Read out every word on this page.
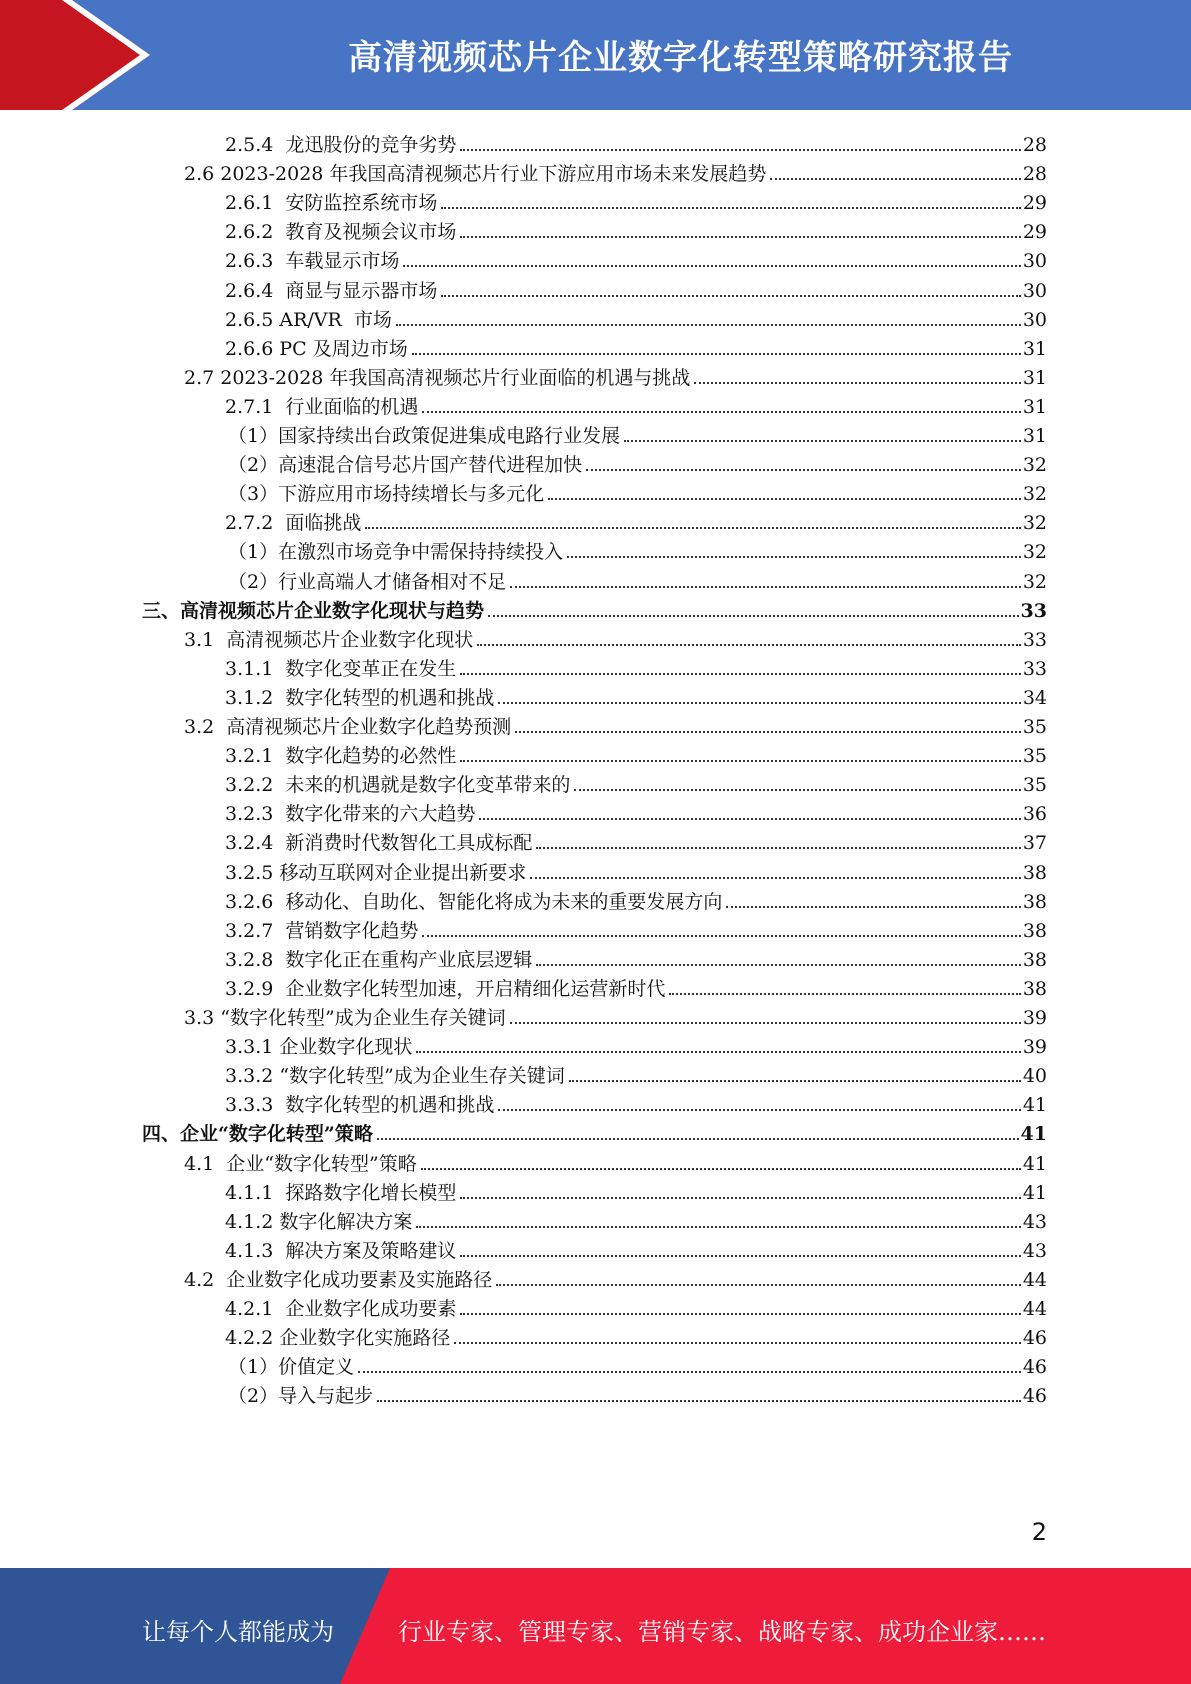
高清视频芯片企业数字化转型策略研究报告
2.5.4  龙迅股份的竞争劣势	28
2.6 2023-2028 年我国高清视频芯片行业下游应用市场未来发展趋势	28
2.6.1  安防监控系统市场	29
2.6.2  教育及视频会议市场	29
2.6.3  车载显示市场	30
2.6.4  商显与显示器市场	30
2.6.5 AR/VR  市场	30
2.6.6 PC 及周边市场	31
2.7 2023-2028 年我国高清视频芯片行业面临的机遇与挑战	31
2.7.1  行业面临的机遇	31
（1）国家持续出台政策促进集成电路行业发展	31
（2）高速混合信号芯片国产替代进程加快	32
（3）下游应用市场持续增长与多元化	32
2.7.2  面临挑战	32
（1）在激烈市场竞争中需保持持续投入	32
（2）行业高端人才储备相对不足	32
三、高清视频芯片企业数字化现状与趋势	33
3.1  高清视频芯片企业数字化现状	33
3.1.1  数字化变革正在发生	33
3.1.2  数字化转型的机遇和挑战	34
3.2  高清视频芯片企业数字化趋势预测	35
3.2.1  数字化趋势的必然性	35
3.2.2  未来的机遇就是数字化变革带来的	35
3.2.3  数字化带来的六大趋势	36
3.2.4  新消费时代数智化工具成标配	37
3.2.5 移动互联网对企业提出新要求	38
3.2.6  移动化、自助化、智能化将成为未来的重要发展方向	38
3.2.7  营销数字化趋势	38
3.2.8  数字化正在重构产业底层逻辑	38
3.2.9  企业数字化转型加速，开启精细化运营新时代	38
3.3 “数字化转型”成为企业生存关键词	39
3.3.1 企业数字化现状	39
3.3.2 “数字化转型”成为企业生存关键词	40
3.3.3  数字化转型的机遇和挑战	41
四、企业“数字化转型”策略	41
4.1  企业“数字化转型”策略	41
4.1.1  探路数字化增长模型	41
4.1.2 数字化解决方案	43
4.1.3  解决方案及策略建议	43
4.2  企业数字化成功要素及实施路径	44
4.2.1  企业数字化成功要素	44
4.2.2 企业数字化实施路径	46
（1）价值定义	46
（2）导入与起步	46
2
让每个人都能成为	行业专家、管理专家、营销专家、战略专家、成功企业家……
